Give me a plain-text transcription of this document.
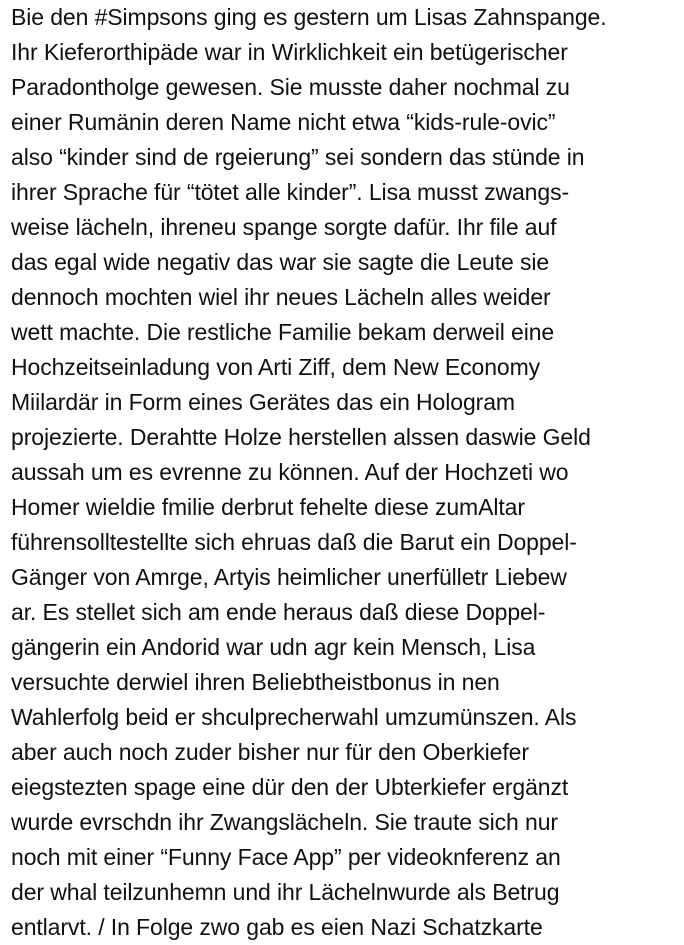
Bie den #Simpsons ging es gestern um Lisas Zahnspange.
Ihr Kieferorthipäde war in Wirklichkeit ein betügerischer
Paradontholge gewesen. Sie musste daher nochmal zu
einer Rumänin deren Name nicht etwa “kids-rule-ovic”
also “kinder sind de rgeierung” sei sondern das stünde in
ihrer Sprache für “tötet alle kinder”. Lisa musst zwangs-
weise lächeln, ihreneu spange sorgte dafür. Ihr file auf
das egal wide negativ das war sie sagte die Leute sie
dennoch mochten wiel ihr neues Lächeln alles weider
wett machte. Die restliche Familie bekam derweil eine
Hochzeitseinladung von Arti Ziff, dem New Economy
Miilardär in Form eines Gerätes das ein Hologram
projezierte. Derahtte Holze herstellen alssen daswie Geld
aussah um es evrenne zu können. Auf der Hochzeti wo
Homer wieldie fmilie derbrut fehelte diese zumAltar
führensolltestellte sich ehruas daß die Barut ein Doppel-
Gänger von Amrge, Artyis heimlicher unerfülletr Liebew
ar. Es stellet sich am ende heraus daß diese Doppel-
gängerin ein Andorid war udn agr kein Mensch, Lisa
versuchte derwiel ihren Beliebtheistbonus in nen
Wahlerfolg beid er shculprecherwahl umzumünszen. Als
aber auch noch zuder bisher nur für den Oberkiefer
eiegstezten spage eine dür den der Ubterkiefer ergänzt
wurde evrschdn ihr Zwangslächeln. Sie traute sich nur
noch mit einer “Funny Face App” per videoknferenz an
der whal teilzunhemn und ihr Lächelnwurde als Betrug
entlarvt. / In Folge zwo gab es eien Nazi Schatzkarte
